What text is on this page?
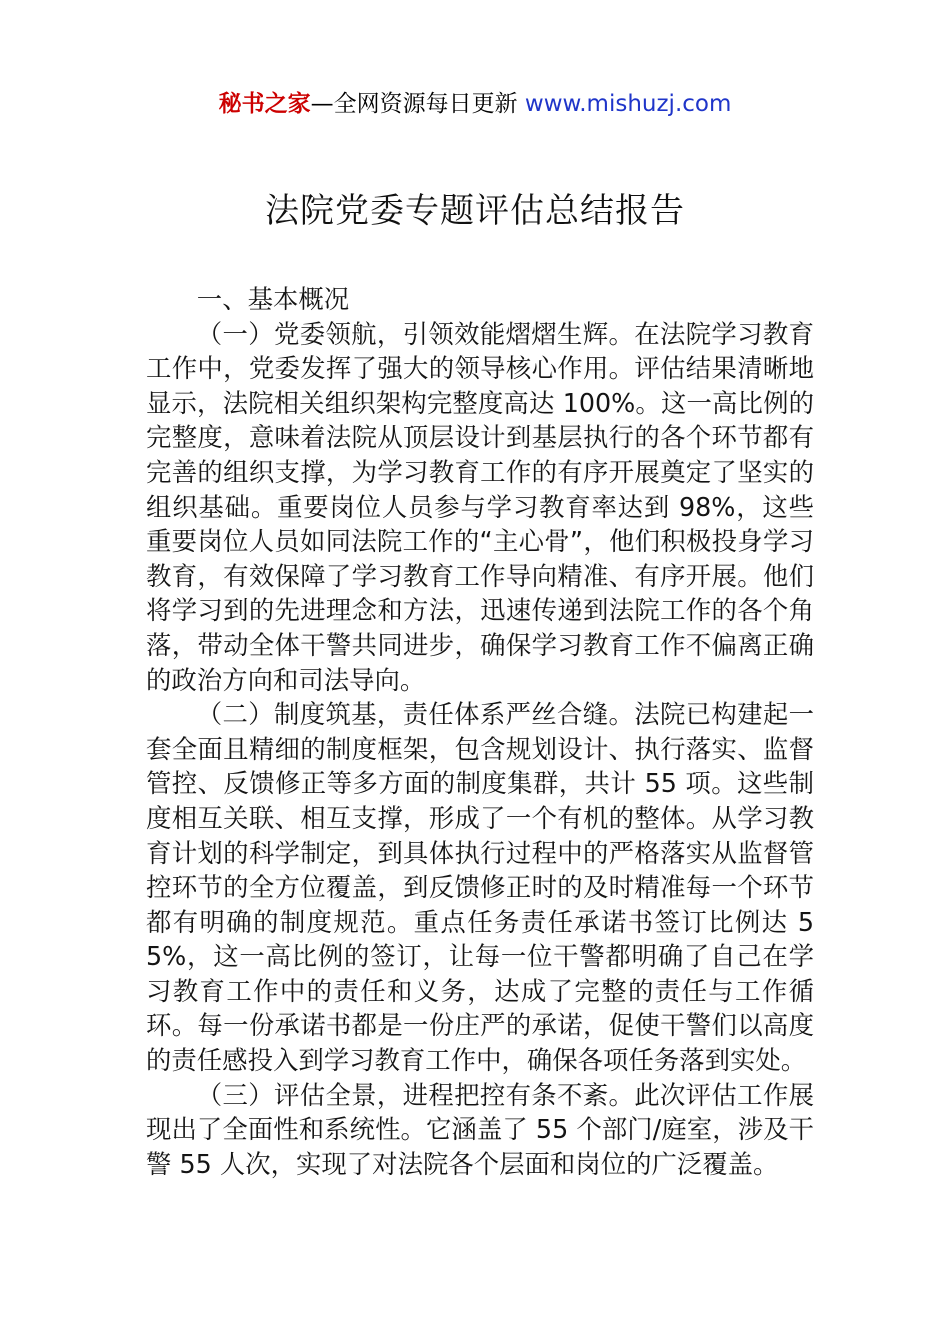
秘书之家—全网资源每日更新 www.mishuzj.com
法院党委专题评估总结报告

一、基本概况

（一）党委领航，引领效能熠熠生辉。在法院学习教育工作中，党委发挥了强大的领导核心作用。评估结果清晰地显示，法院相关组织架构完整度高达 100%。这一高比例的完整度，意味着法院从顶层设计到基层执行的各个环节都有完善的组织支撑，为学习教育工作的有序开展奠定了坚实的组织基础。重要岗位人员参与学习教育率达到 98%，这些重要岗位人员如同法院工作的“主心骨”，他们积极投身学习教育，有效保障了学习教育工作导向精准、有序开展。他们将学习到的先进理念和方法，迅速传递到法院工作的各个角落，带动全体干警共同进步，确保学习教育工作不偏离正确的政治方向和司法导向。

（二）制度筑基，责任体系严丝合缝。法院已构建起一套全面且精细的制度框架，包含规划设计、执行落实、监督管控、反馈修正等多方面的制度集群，共计 55 项。这些制度相互关联、相互支撑，形成了一个有机的整体。从学习教育计划的科学制定，到具体执行过程中的严格落实从监督管控环节的全方位覆盖，到反馈修正时的及时精准每一个环节都有明确的制度规范。重点任务责任承诺书签订比例达 55%，这一高比例的签订，让每一位干警都明确了自己在学习教育工作中的责任和义务，达成了完整的责任与工作循环。每一份承诺书都是一份庄严的承诺，促使干警们以高度的责任感投入到学习教育工作中，确保各项任务落到实处。

（三）评估全景，进程把控有条不紊。此次评估工作展现出了全面性和系统性。它涵盖了 55 个部门/庭室，涉及干警 55 人次，实现了对法院各个层面和岗位的广泛覆盖。
